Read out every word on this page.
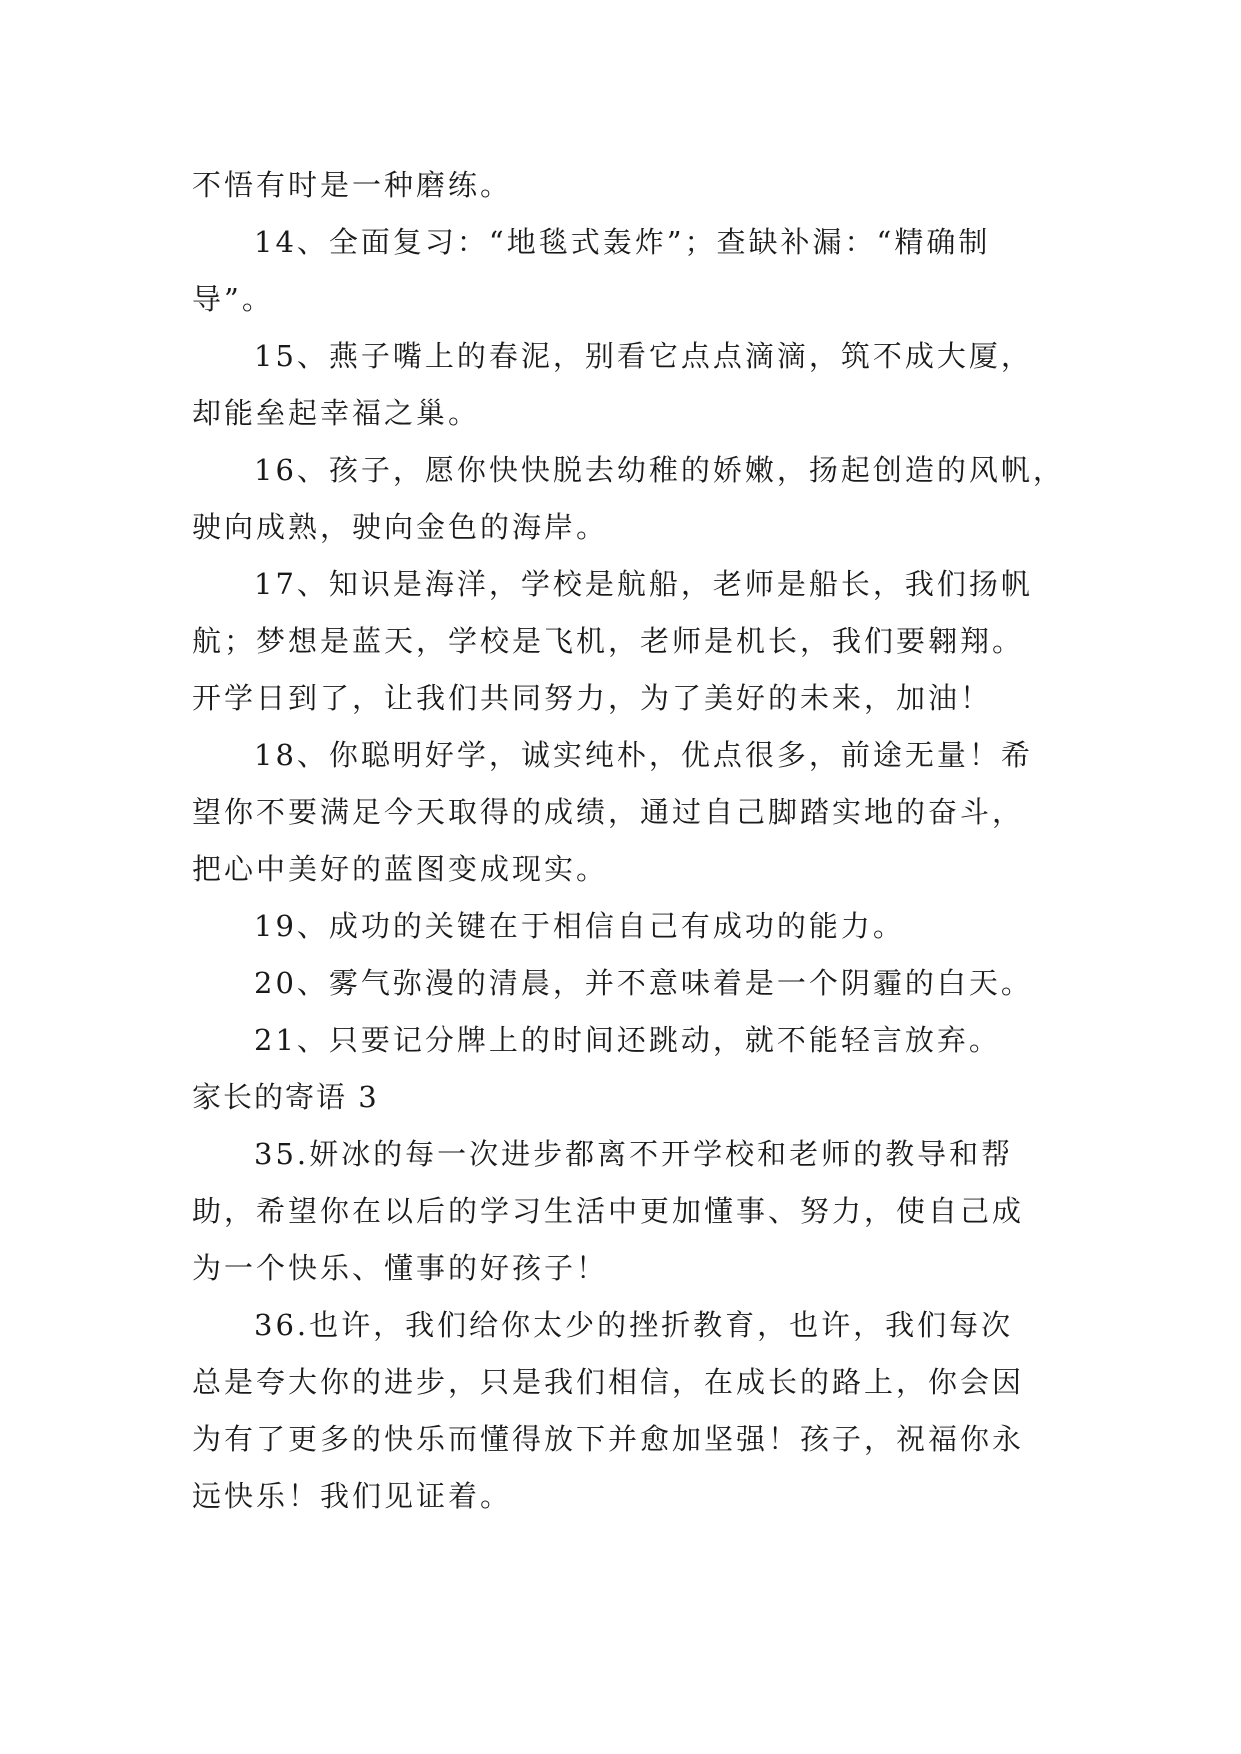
不悟有时是一种磨练。
14、全面复习：“地毯式轰炸”；查缺补漏：“精确制
导”。
15、燕子嘴上的春泥，别看它点点滴滴，筑不成大厦，
却能垒起幸福之巢。
16、孩子，愿你快快脱去幼稚的娇嫩，扬起创造的风帆，
驶向成熟，驶向金色的海岸。
17、知识是海洋，学校是航船，老师是船长，我们扬帆
航；梦想是蓝天，学校是飞机，老师是机长，我们要翱翔。
开学日到了，让我们共同努力，为了美好的未来，加油！
18、你聪明好学，诚实纯朴，优点很多，前途无量！希
望你不要满足今天取得的成绩，通过自己脚踏实地的奋斗，
把心中美好的蓝图变成现实。
19、成功的关键在于相信自己有成功的能力。
20、雾气弥漫的清晨，并不意味着是一个阴霾的白天。
21、只要记分牌上的时间还跳动，就不能轻言放弃。
家长的寄语 3
35.妍冰的每一次进步都离不开学校和老师的教导和帮
助，希望你在以后的学习生活中更加懂事、努力，使自己成
为一个快乐、懂事的好孩子！
36.也许，我们给你太少的挫折教育，也许，我们每次
总是夸大你的进步，只是我们相信，在成长的路上，你会因
为有了更多的快乐而懂得放下并愈加坚强！孩子，祝福你永
远快乐！我们见证着。
